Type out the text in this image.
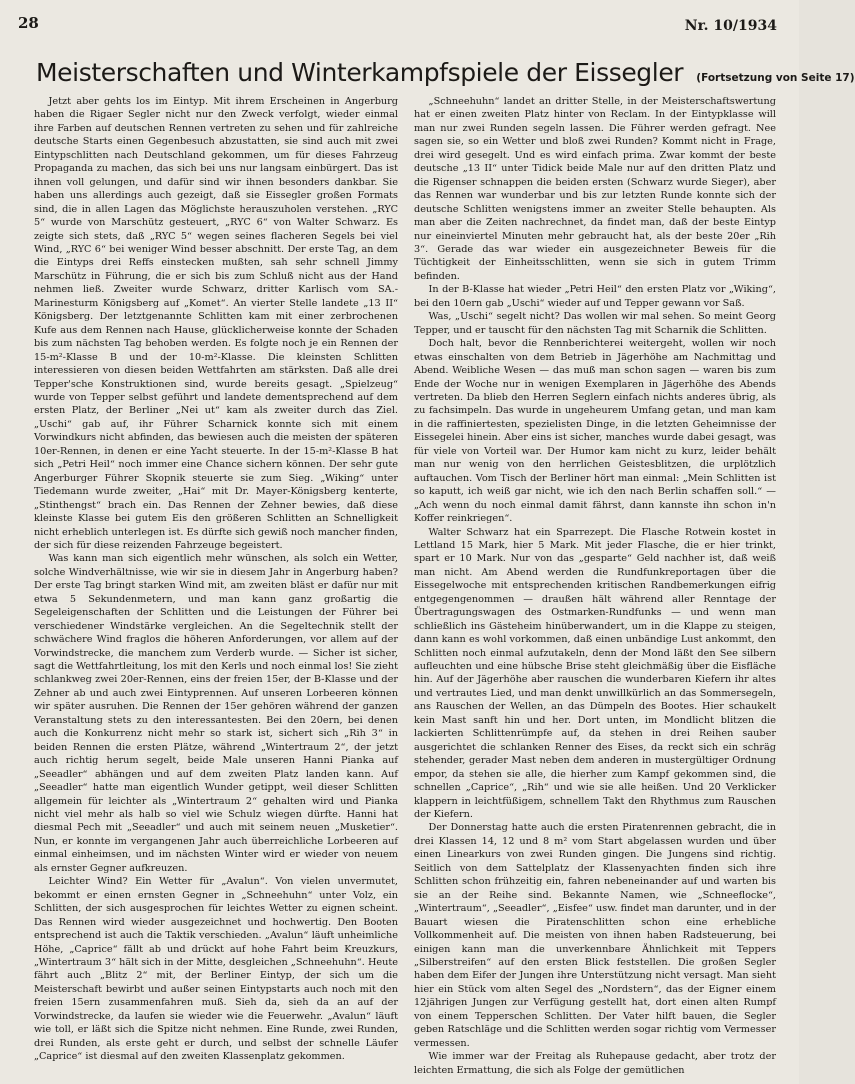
28	Nr. 10/1934
Meisterschaften und Winterkampfspiele der Eissegler (Fortsetzung von Seite 17)

Jetzt aber gehts los im Eintyp. Mit ihrem Erscheinen in Angerburg haben die Rigaer Segler nicht nur den Zweck verfolgt, wieder einmal ihre Farben auf deutschen Rennen vertreten zu sehen und für zahlreiche deutsche Starts einen Gegenbesuch abzustatten, sie sind auch mit zwei Eintypschlitten nach Deutschland gekommen, um für dieses Fahrzeug Propaganda zu machen, das sich bei uns nur langsam einbürgert. Das ist ihnen voll gelungen, und dafür sind wir ihnen besonders dankbar. Sie haben uns allerdings auch gezeigt, daß sie Eissegler großen Formats sind, die in allen Lagen das Möglichste herauszuholen verstehen. „RYC 5“ wurde von Marschütz gesteuert, „RYC 6“ von Walter Schwarz. Es zeigte sich stets, daß „RYC 5“ wegen seines flacheren Segels bei viel Wind, „RYC 6“ bei weniger Wind besser abschnitt. Der erste Tag, an dem die Eintyps drei Reffs einstecken mußten, sah sehr schnell Jimmy Marschütz in Führung, die er sich bis zum Schluß nicht aus der Hand nehmen ließ. Zweiter wurde Schwarz, dritter Karlisch vom SA.-Marinesturm Königsberg auf „Komet“. An vierter Stelle landete „13 II“ Königsberg. Der letztgenannte Schlitten kam mit einer zerbrochenen Kufe aus dem Rennen nach Hause, glücklicherweise konnte der Schaden bis zum nächsten Tag behoben werden. Es folgte noch je ein Rennen der 15-m²-Klasse B und der 10-m²-Klasse. Die kleinsten Schlitten interessieren von diesen beiden Wettfahrten am stärksten. Daß alle drei Tepper'sche Konstruktionen sind, wurde bereits gesagt. „Spielzeug“ wurde von Tepper selbst geführt und landete dementsprechend auf dem ersten Platz, der Berliner „Nei ut“ kam als zweiter durch das Ziel. „Uschi“ gab auf, ihr Führer Scharnick konnte sich mit einem Vorwindkurs nicht abfinden, das bewiesen auch die meisten der späteren 10er-Rennen, in denen er eine Yacht steuerte. In der 15-m²-Klasse B hat sich „Petri Heil“ noch immer eine Chance sichern können. Der sehr gute Angerburger Führer Skopnik steuerte sie zum Sieg. „Wiking“ unter Tiedemann wurde zweiter, „Hai“ mit Dr. Mayer-Königsberg kenterte, „Stinthengst“ brach ein. Das Rennen der Zehner bewies, daß diese kleinste Klasse bei gutem Eis den größeren Schlitten an Schnelligkeit nicht erheblich unterlegen ist. Es dürfte sich gewiß noch mancher finden, der sich für diese reizenden Fahrzeuge begeistert.

Was kann man sich eigentlich mehr wünschen, als solch ein Wetter, solche Windverhältnisse, wie wir sie in diesem Jahr in Angerburg haben? Der erste Tag bringt starken Wind mit, am zweiten bläst er dafür nur mit etwa 5 Sekundenmetern, und man kann ganz großartig die Segeleigenschaften der Schlitten und die Leistungen der Führer bei verschiedener Windstärke vergleichen. An die Segeltechnik stellt der schwächere Wind fraglos die höheren Anforderungen, vor allem auf der Vorwindstrecke, die manchem zum Verderb wurde. — Sicher ist sicher, sagt die Wettfahrtleitung, los mit den Kerls und noch einmal los! Sie zieht schlankweg zwei 20er-Rennen, eins der freien 15er, der B-Klasse und der Zehner ab und auch zwei Eintyprennen. Auf unseren Lorbeeren können wir später ausruhen. Die Rennen der 15er gehören während der ganzen Veranstaltung stets zu den interessantesten. Bei den 20ern, bei denen auch die Konkurrenz nicht mehr so stark ist, sichert sich „Rih 3“ in beiden Rennen die ersten Plätze, während „Wintertraum 2“, der jetzt auch richtig herum segelt, beide Male unseren Hanni Pianka auf „Seeadler“ abhängen und auf dem zweiten Platz landen kann. Auf „Seeadler“ hatte man eigentlich Wunder getippt, weil dieser Schlitten allgemein für leichter als „Wintertraum 2“ gehalten wird und Pianka nicht viel mehr als halb so viel wie Schulz wiegen dürfte. Hanni hat diesmal Pech mit „Seeadler“ und auch mit seinem neuen „Musketier“. Nun, er konnte im vergangenen Jahr auch überreichliche Lorbeeren auf einmal einheimsen, und im nächsten Winter wird er wieder von neuem als ernster Gegner aufkreuzen.

Leichter Wind? Ein Wetter für „Avalun“. Von vielen unvermutet, bekommt er einen ernsten Gegner in „Schneehuhn“ unter Volz, ein Schlitten, der sich ausgesprochen für leichtes Wetter zu eignen scheint. Das Rennen wird wieder ausgezeichnet und hochwertig. Den Booten entsprechend ist auch die Taktik verschieden. „Avalun“ läuft unheimliche Höhe, „Caprice“ fällt ab und drückt auf hohe Fahrt beim Kreuzkurs, „Wintertraum 3“ hält sich in der Mitte, desgleichen „Schneehuhn“. Heute fährt auch „Blitz 2“ mit, der Berliner Eintyp, der sich um die Meisterschaft bewirbt und außer seinen Eintypstarts auch noch mit den freien 15ern zusammenfahren muß. Sieh da, sieh da an auf der Vorwindstrecke, da laufen sie wieder wie die Feuerwehr. „Avalun“ läuft wie toll, er läßt sich die Spitze nicht nehmen. Eine Runde, zwei Runden, drei Runden, als erste geht er durch, und selbst der schnelle Läufer „Caprice“ ist diesmal auf den zweiten Klassenplatz gekommen.

„Schneehuhn“ landet an dritter Stelle, in der Meisterschaftswertung hat er einen zweiten Platz hinter von Reclam. In der Eintypklasse will man nur zwei Runden segeln lassen. Die Führer werden gefragt. Nee sagen sie, so ein Wetter und bloß zwei Runden? Kommt nicht in Frage, drei wird gesegelt. Und es wird einfach prima. Zwar kommt der beste deutsche „13 II“ unter Tidick beide Male nur auf den dritten Platz und die Rigenser schnappen die beiden ersten (Schwarz wurde Sieger), aber das Rennen war wunderbar und bis zur letzten Runde konnte sich der deutsche Schlitten wenigstens immer an zweiter Stelle behaupten. Als man aber die Zeiten nachrechnet, da findet man, daß der beste Eintyp nur eineinviertel Minuten mehr gebraucht hat, als der beste 20er „Rih 3“. Gerade das war wieder ein ausgezeichneter Beweis für die Tüchtigkeit der Einheitsschlitten, wenn sie sich in gutem Trimm befinden.

In der B-Klasse hat wieder „Petri Heil“ den ersten Platz vor „Wiking“, bei den 10ern gab „Uschi“ wieder auf und Tepper gewann vor Saß.

Was, „Uschi“ segelt nicht? Das wollen wir mal sehen. So meint Georg Tepper, und er tauscht für den nächsten Tag mit Scharnik die Schlitten.

Doch halt, bevor die Rennberichterei weitergeht, wollen wir noch etwas einschalten von dem Betrieb in Jägerhöhe am Nachmittag und Abend. Weibliche Wesen — das muß man schon sagen — waren bis zum Ende der Woche nur in wenigen Exemplaren in Jägerhöhe des Abends vertreten. Da blieb den Herren Seglern einfach nichts anderes übrig, als zu fachsimpeln. Das wurde in ungeheurem Umfang getan, und man kam in die raffiniertesten, spezielisten Dinge, in die letzten Geheimnisse der Eissegelei hinein. Aber eins ist sicher, manches wurde dabei gesagt, was für viele von Vorteil war. Der Humor kam nicht zu kurz, leider behält man nur wenig von den herrlichen Geistesblitzen, die urplötzlich auftauchen. Vom Tisch der Berliner hört man einmal: „Mein Schlitten ist so kaputt, ich weiß gar nicht, wie ich den nach Berlin schaffen soll.“ — „Ach wenn du noch einmal damit fährst, dann kannste ihn schon in'n Koffer reinkriegen“.

Walter Schwarz hat ein Sparrezept. Die Flasche Rotwein kostet in Lettland 15 Mark, hier 5 Mark. Mit jeder Flasche, die er hier trinkt, spart er 10 Mark. Nur von das „gesparte“ Geld nachher ist, daß weiß man nicht. Am Abend werden die Rundfunkreportagen über die Eissegelwoche mit entsprechenden kritischen Randbemerkungen eifrig entgegengenommen — draußen hält während aller Renntage der Übertragungswagen des Ostmarken-Rundfunks — und wenn man schließlich ins Gästeheim hinüberwandert, um in die Klappe zu steigen, dann kann es wohl vorkommen, daß einen unbändige Lust ankommt, den Schlitten noch einmal aufzutakeln, denn der Mond läßt den See silbern aufleuchten und eine hübsche Brise steht gleichmäßig über die Eisfläche hin. Auf der Jägerhöhe aber rauschen die wunderbaren Kiefern ihr altes und vertrautes Lied, und man denkt unwillkürlich an das Sommersegeln, ans Rauschen der Wellen, an das Dümpeln des Bootes. Hier schaukelt kein Mast sanft hin und her. Dort unten, im Mondlicht blitzen die lackierten Schlittenrümpfe auf, da stehen in drei Reihen sauber ausgerichtet die schlanken Renner des Eises, da reckt sich ein schräg stehender, gerader Mast neben dem anderen in mustergültiger Ordnung empor, da stehen sie alle, die hierher zum Kampf gekommen sind, die schnellen „Caprice“, „Rih“ und wie sie alle heißen. Und 20 Verklicker klappern in leichtfüßigem, schnellem Takt den Rhythmus zum Rauschen der Kiefern.

Der Donnerstag hatte auch die ersten Piratenrennen gebracht, die in drei Klassen 14, 12 und 8 m² vom Start abgelassen wurden und über einen Linearkurs von zwei Runden gingen. Die Jungens sind richtig. Seitlich von dem Sattelplatz der Klassenyachten finden sich ihre Schlitten schon frühzeitig ein, fahren nebeneinander auf und warten bis sie an der Reihe sind. Bekannte Namen, wie „Schneeflocke“, „Wintertraum“, „Seeadler“, „Eisfee“ usw. findet man darunter, und in der Bauart wiesen die Piratenschlitten schon eine erhebliche Vollkommenheit auf. Die meisten von ihnen haben Radsteuerung, bei einigen kann man die unverkennbare Ähnlichkeit mit Teppers „Silberstreifen“ auf den ersten Blick feststellen. Die großen Segler haben dem Eifer der Jungen ihre Unterstützung nicht versagt. Man sieht hier ein Stück vom alten Segel des „Nordstern“, das der Eigner einem 12jährigen Jungen zur Verfügung gestellt hat, dort einen alten Rumpf von einem Tepperschen Schlitten. Der Vater hilft bauen, die Segler geben Ratschläge und die Schlitten werden sogar richtig vom Vermesser vermessen.

Wie immer war der Freitag als Ruhepause gedacht, aber trotz der leichten Ermattung, die sich als Folge der gemütlichen
